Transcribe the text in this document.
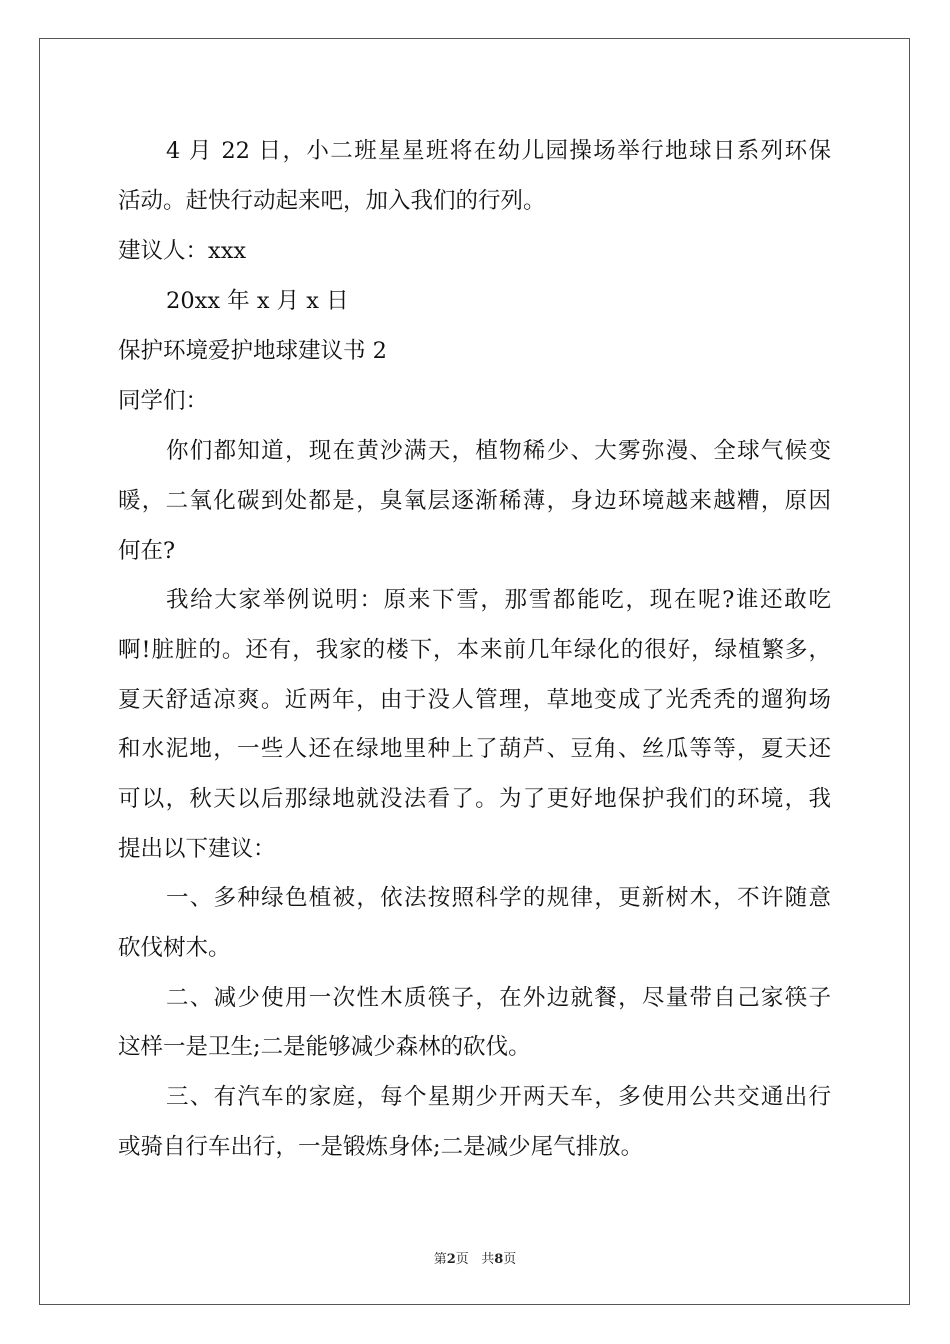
4 月 22 日，小二班星星班将在幼儿园操场举行地球日系列环保
活动。赶快行动起来吧，加入我们的行列。
建议人：xxx
20xx 年 x 月 x 日
保护环境爱护地球建议书 2
同学们：
你们都知道，现在黄沙满天，植物稀少、大雾弥漫、全球气候变
暖，二氧化碳到处都是，臭氧层逐渐稀薄，身边环境越来越糟，原因
何在?
我给大家举例说明：原来下雪，那雪都能吃，现在呢?谁还敢吃
啊!脏脏的。还有，我家的楼下，本来前几年绿化的很好，绿植繁多，
夏天舒适凉爽。近两年，由于没人管理，草地变成了光秃秃的遛狗场
和水泥地，一些人还在绿地里种上了葫芦、豆角、丝瓜等等，夏天还
可以，秋天以后那绿地就没法看了。为了更好地保护我们的环境，我
提出以下建议：
一、多种绿色植被，依法按照科学的规律，更新树木，不许随意
砍伐树木。
二、减少使用一次性木质筷子，在外边就餐，尽量带自己家筷子
这样一是卫生;二是能够减少森林的砍伐。
三、有汽车的家庭，每个星期少开两天车，多使用公共交通出行
或骑自行车出行，一是锻炼身体;二是减少尾气排放。
第2页 共8页
